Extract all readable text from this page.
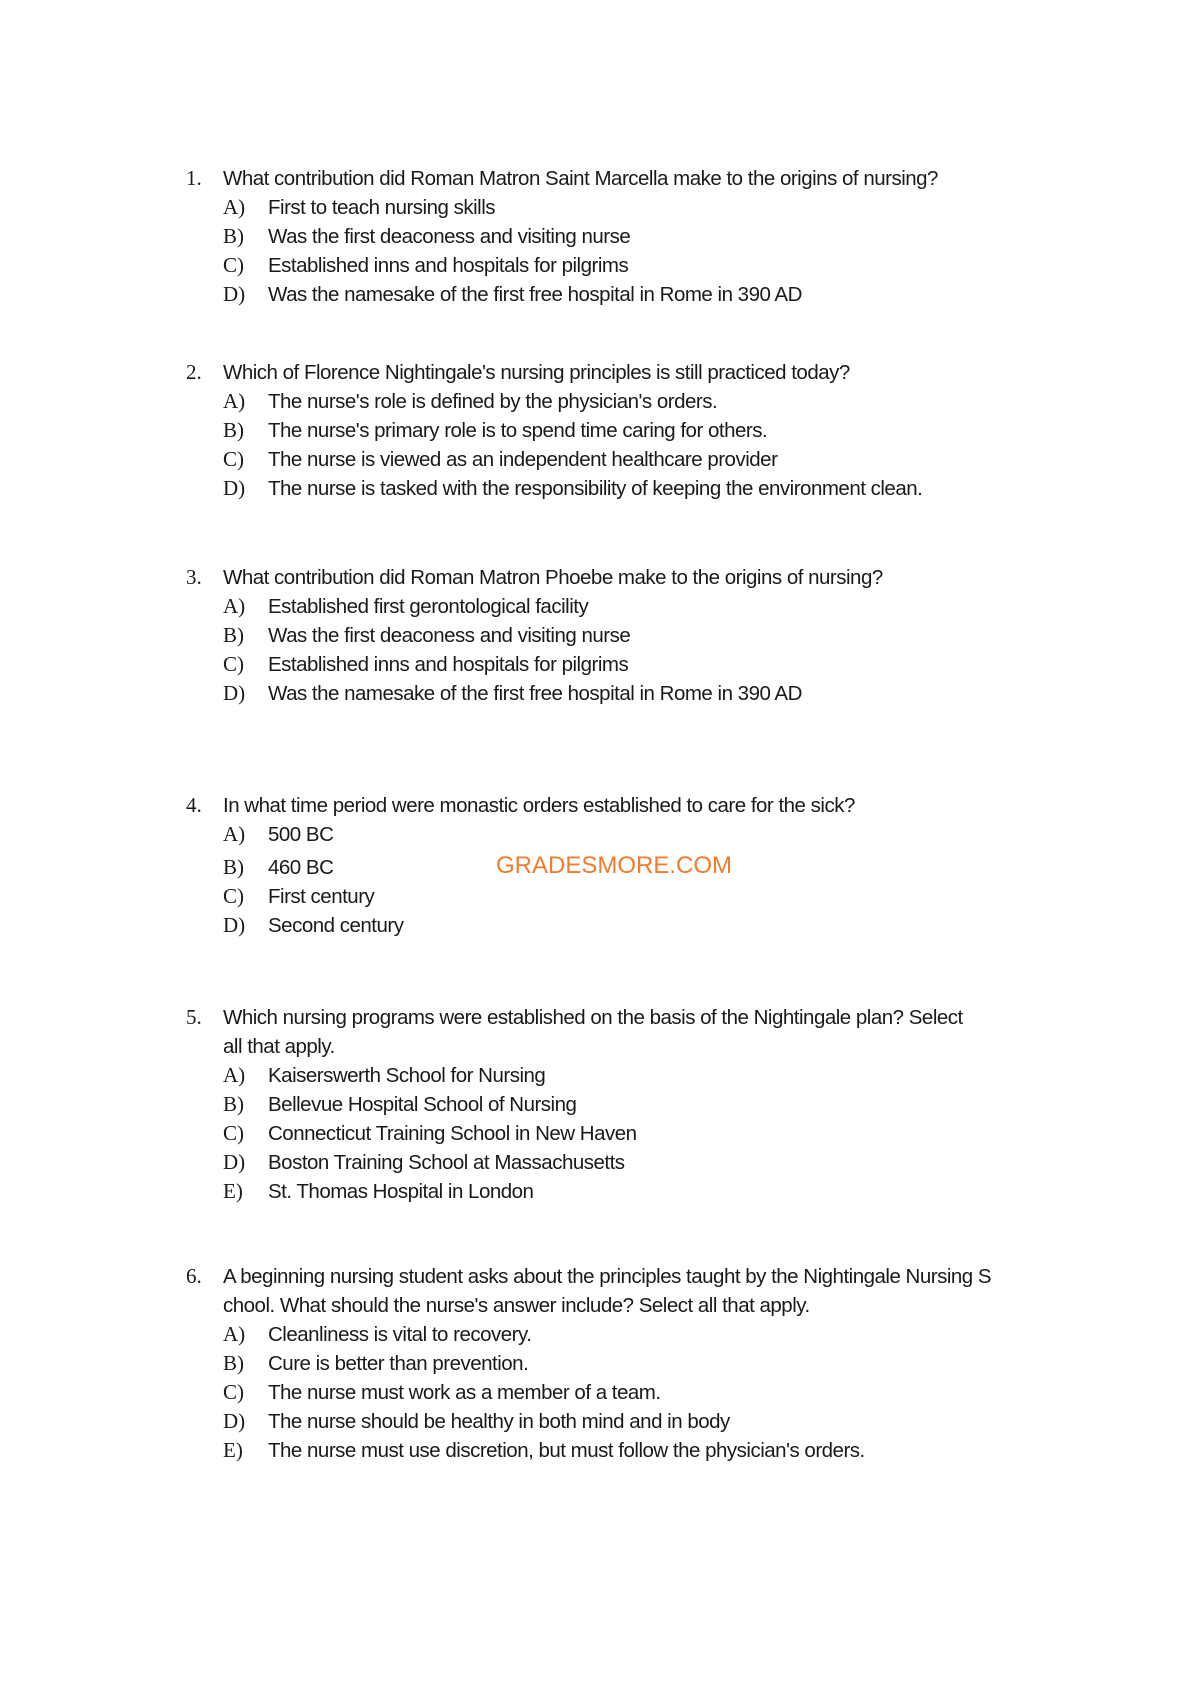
1. What contribution did Roman Matron Saint Marcella make to the origins of nursing?
A) First to teach nursing skills
B) Was the first deaconess and visiting nurse
C) Established inns and hospitals for pilgrims
D) Was the namesake of the first free hospital in Rome in 390 AD
2. Which of Florence Nightingale's nursing principles is still practiced today?
A) The nurse's role is defined by the physician's orders.
B) The nurse's primary role is to spend time caring for others.
C) The nurse is viewed as an independent healthcare provider
D) The nurse is tasked with the responsibility of keeping the environment clean.
3. What contribution did Roman Matron Phoebe make to the origins of nursing?
A) Established first gerontological facility
B) Was the first deaconess and visiting nurse
C) Established inns and hospitals for pilgrims
D) Was the namesake of the first free hospital in Rome in 390 AD
4. In what time period were monastic orders established to care for the sick?
A) 500 BC
B) 460 BC
C) First century
D) Second century
GRADESMORE.COM
5. Which nursing programs were established on the basis of the Nightingale plan? Select
all that apply.
A) Kaiserswerth School for Nursing
B) Bellevue Hospital School of Nursing
C) Connecticut Training School in New Haven
D) Boston Training School at Massachusetts
E) St. Thomas Hospital in London
6. A beginning nursing student asks about the principles taught by the Nightingale Nursing S
chool. What should the nurse's answer include? Select all that apply.
A) Cleanliness is vital to recovery.
B) Cure is better than prevention.
C) The nurse must work as a member of a team.
D) The nurse should be healthy in both mind and in body
E) The nurse must use discretion, but must follow the physician's orders.
